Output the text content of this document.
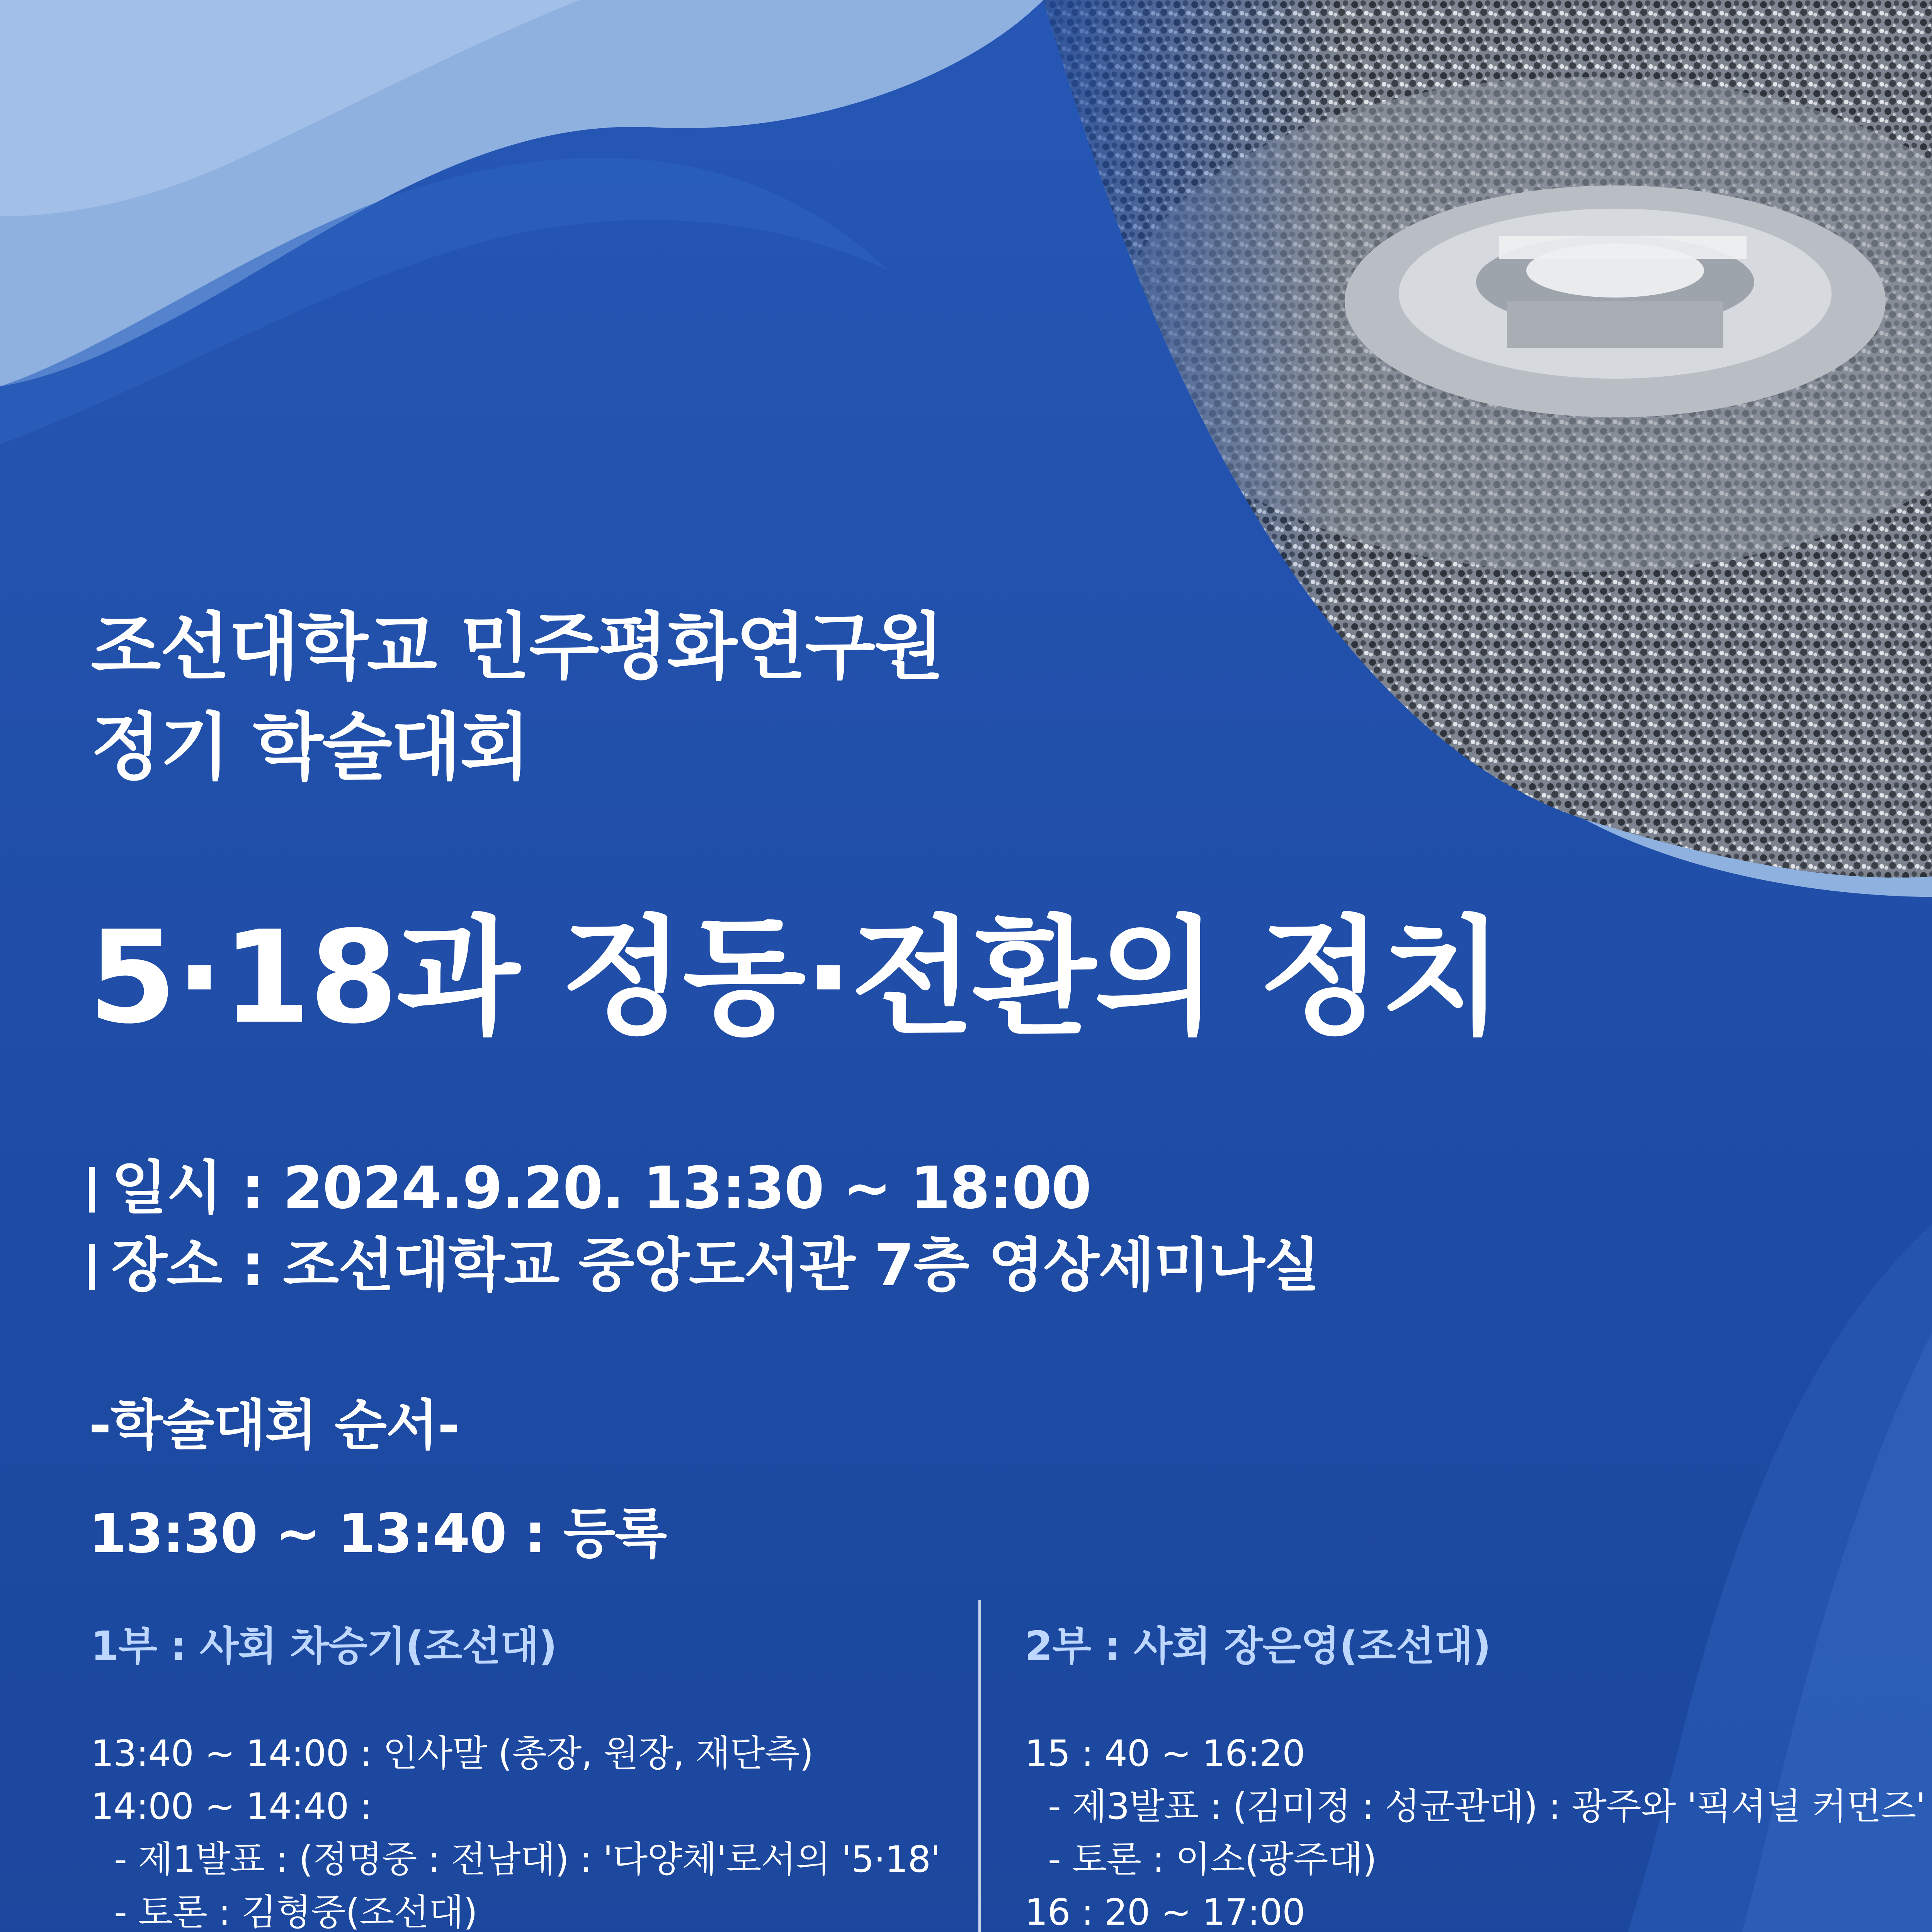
조선대학교 민주평화연구원
정기 학술대회
5·18과 정동·전환의 정치
일시 : 2024.9.20. 13:30 ~ 18:00
장소 : 조선대학교 중앙도서관 7층 영상세미나실
-학술대회 순서-
13:30 ~ 13:40 : 등록
1부 : 사회 차승기(조선대)
13:40 ~ 14:00 : 인사말 (총장, 원장, 재단측)
14:00 ~ 14:40 :
- 제1발표 : (정명중 : 전남대) : '다양체'로서의 '5·18'
- 토론 : 김형중(조선대)
2부 : 사회 장은영(조선대)
15 : 40 ~ 16:20
- 제3발표 : (김미정 : 성균관대) : 광주와 '픽셔널 커먼즈'
- 토론 : 이소(광주대)
16 : 20 ~ 17:00
